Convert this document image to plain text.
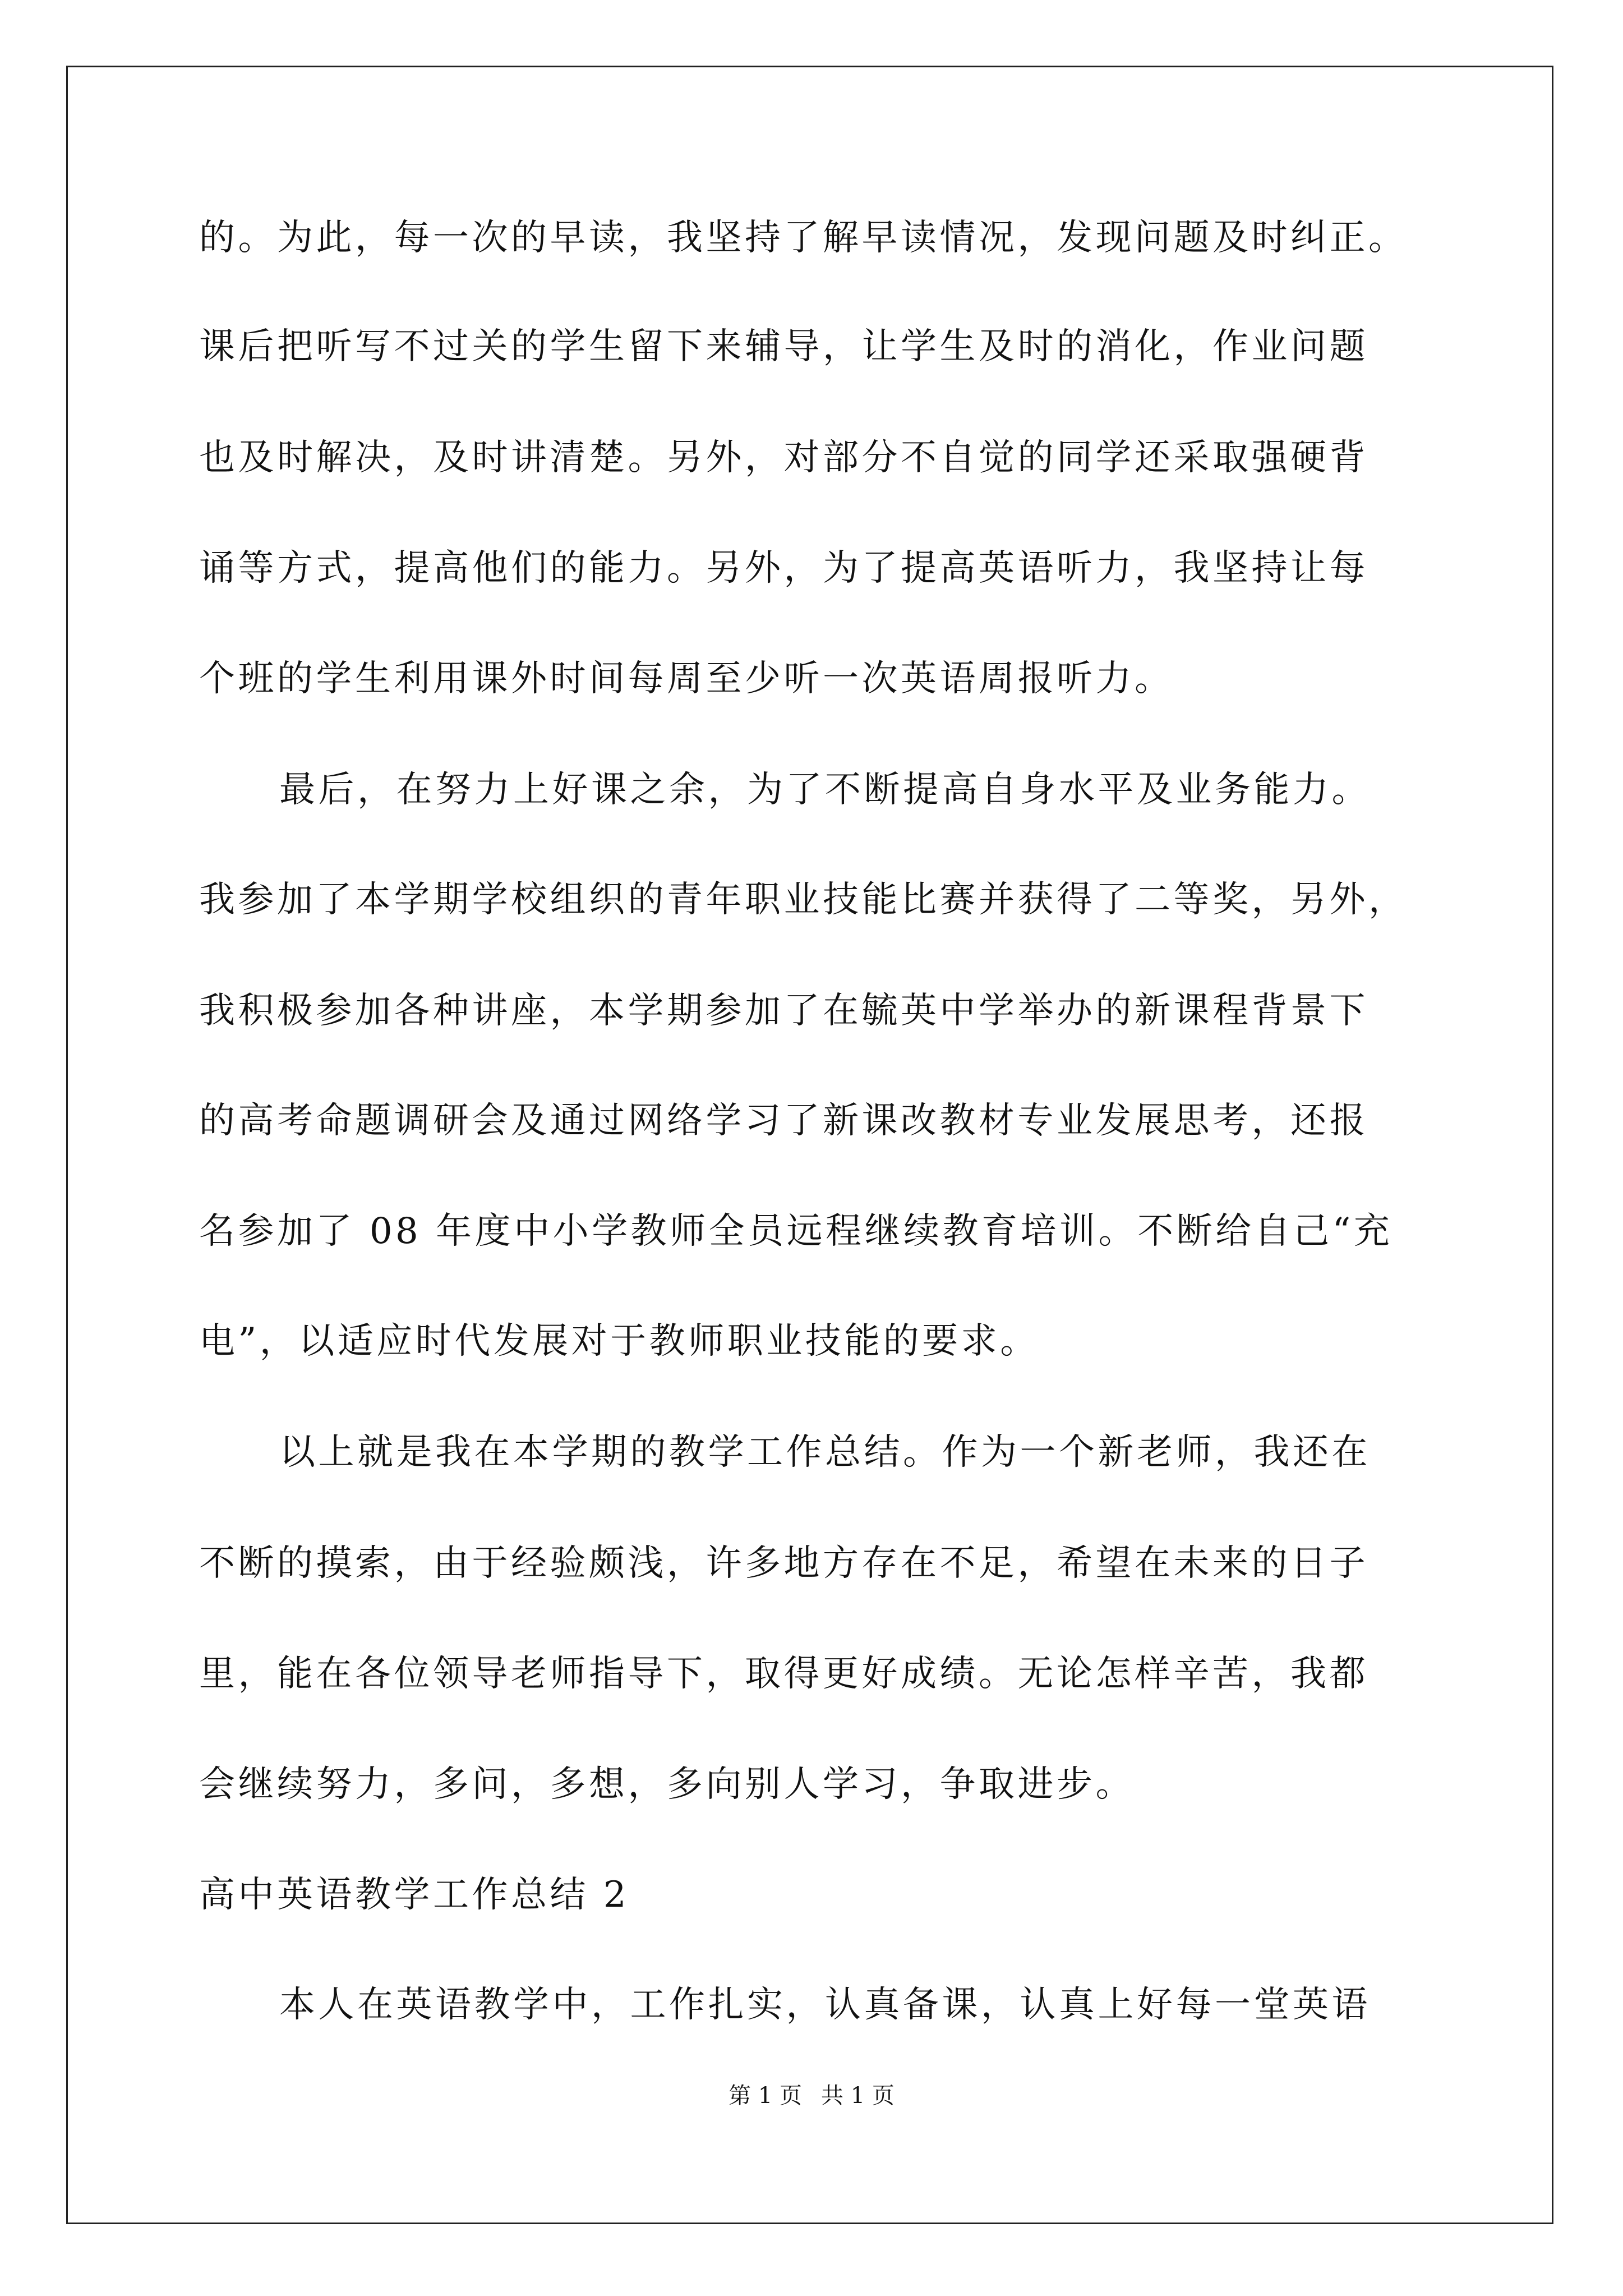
的。为此，每一次的早读，我坚持了解早读情况，发现问题及时纠正。
课后把听写不过关的学生留下来辅导，让学生及时的消化，作业问题
也及时解决，及时讲清楚。另外，对部分不自觉的同学还采取强硬背
诵等方式，提高他们的能力。另外，为了提高英语听力，我坚持让每
个班的学生利用课外时间每周至少听一次英语周报听力。
最后，在努力上好课之余，为了不断提高自身水平及业务能力。
我参加了本学期学校组织的青年职业技能比赛并获得了二等奖，另外，
我积极参加各种讲座，本学期参加了在毓英中学举办的新课程背景下
的高考命题调研会及通过网络学习了新课改教材专业发展思考，还报
名参加了 08 年度中小学教师全员远程继续教育培训。不断给自己“充
电”，以适应时代发展对于教师职业技能的要求。
以上就是我在本学期的教学工作总结。作为一个新老师，我还在
不断的摸索，由于经验颇浅，许多地方存在不足，希望在未来的日子
里，能在各位领导老师指导下，取得更好成绩。无论怎样辛苦，我都
会继续努力，多问，多想，多向别人学习，争取进步。
高中英语教学工作总结 2
本人在英语教学中，工作扎实，认真备课，认真上好每一堂英语
第 1 页 共 1 页
